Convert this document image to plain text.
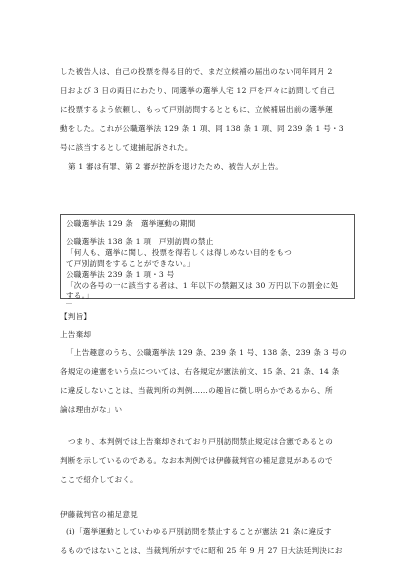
した被告人は、自己の投票を得る目的で、まだ立候補の届出のない同年同月 2
日および 3 日の両日にわたり、同選挙の選挙人宅 12 戸を戸々に訪問して自己
に投票するよう依頼し、もって戸別訪問するとともに、立候補届出前の選挙運
動をした。これが公職選挙法 129 条 1 項、同 138 条 1 項、同 239 条 1 号・3
号に該当するとして逮捕起訴された。
第 1 審は有罪、第 2 審が控訴を退けたため、被告人が上告。
公職選挙法 129 条　選挙運動の期間
公職選挙法 138 条 1 項　戸別訪問の禁止
「何人も、選挙に関し、投票を得若しくは得しめない目的をもつ
て戸別訪問をすることができない。」
公職選挙法 239 条 1 項・3 号
「次の各号の一に該当する者は、1 年以下の禁錮又は 30 万円以下の罰金に処
する。」
…
【判旨】
上告棄却
「上告趣意のうち、公職選挙法 129 条、239 条 1 号、138 条、239 条 3 号の
各規定の違憲をいう点については、右各規定が憲法前文、15 条、21 条、14 条
に違反しないことは、当裁判所の判例……の趣旨に徴し明らかであるから、所
論は理由がな」い
つまり、本判例では上告棄却されており戸別訪問禁止規定は合憲であるとの
判断を示しているのである。なお本判例では伊藤裁判官の補足意見があるので
ここで紹介しておく。
伊藤裁判官の補足意見
(ⅰ)「選挙運動としていわゆる戸別訪問を禁止することが憲法 21 条に違反す
るものではないことは、当裁判所がすでに昭和 25 年 9 月 27 日大法廷判決にお
